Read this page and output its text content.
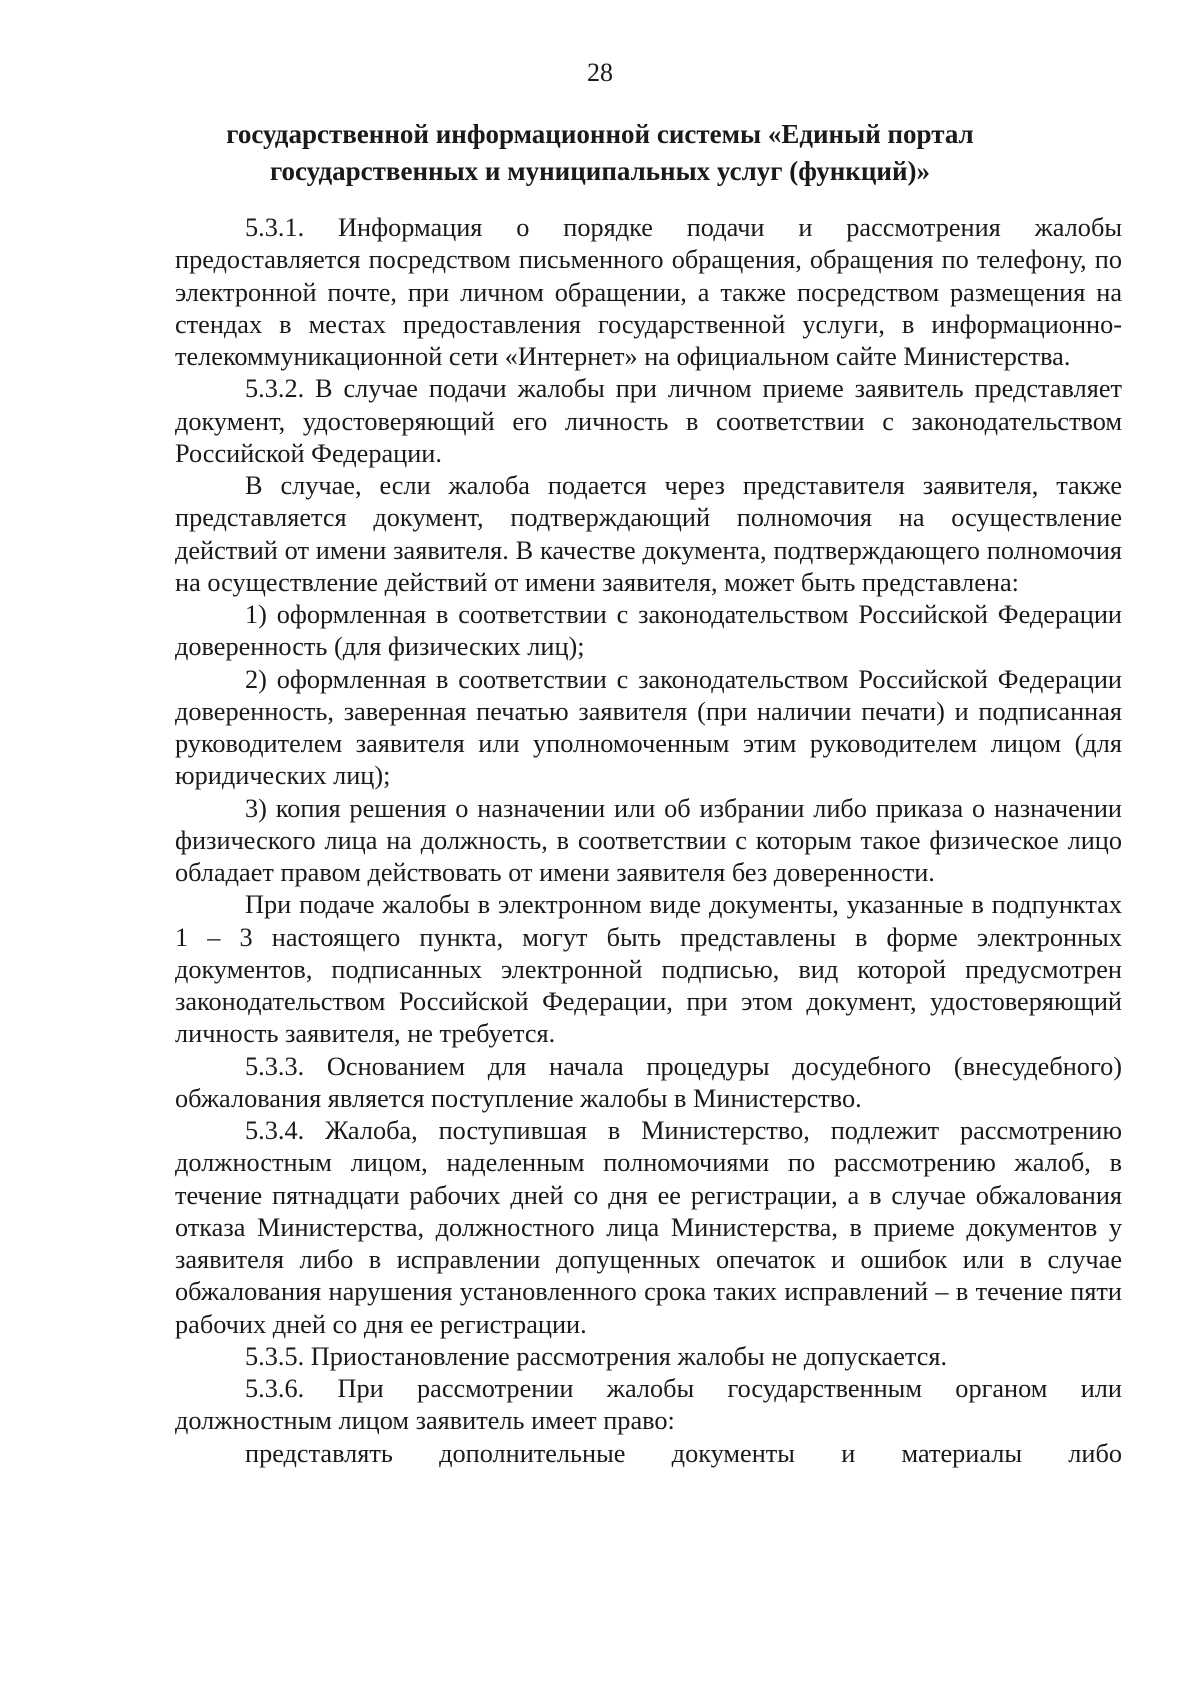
28
государственной информационной системы «Единый портал
государственных и муниципальных услуг (функций)»

5.3.1. Информация о порядке подачи и рассмотрения жалобы предоставляется посредством письменного обращения, обращения по телефону, по электронной почте, при личном обращении, а также посредством размещения на стендах в местах предоставления государственной услуги, в информационно-телекоммуникационной сети «Интернет» на официальном сайте Министерства.

5.3.2. В случае подачи жалобы при личном приеме заявитель представляет документ, удостоверяющий его личность в соответствии с законодательством Российской Федерации.

В случае, если жалоба подается через представителя заявителя, также представляется документ, подтверждающий полномочия на осуществление действий от имени заявителя. В качестве документа, подтверждающего полномочия на осуществление действий от имени заявителя, может быть представлена:

1) оформленная в соответствии с законодательством Российской Федерации доверенность (для физических лиц);

2) оформленная в соответствии с законодательством Российской Федерации доверенность, заверенная печатью заявителя (при наличии печати) и подписанная руководителем заявителя или уполномоченным этим руководителем лицом (для юридических лиц);

3) копия решения о назначении или об избрании либо приказа о назначении физического лица на должность, в соответствии с которым такое физическое лицо обладает правом действовать от имени заявителя без доверенности.

При подаче жалобы в электронном виде документы, указанные в подпунктах 1 – 3 настоящего пункта, могут быть представлены в форме электронных документов, подписанных электронной подписью, вид которой предусмотрен законодательством Российской Федерации, при этом документ, удостоверяющий личность заявителя, не требуется.

5.3.3. Основанием для начала процедуры досудебного (внесудебного) обжалования является поступление жалобы в Министерство.

5.3.4. Жалоба, поступившая в Министерство, подлежит рассмотрению должностным лицом, наделенным полномочиями по рассмотрению жалоб, в течение пятнадцати рабочих дней со дня ее регистрации, а в случае обжалования отказа Министерства, должностного лица Министерства, в приеме документов у заявителя либо в исправлении допущенных опечаток и ошибок или в случае обжалования нарушения установленного срока таких исправлений – в течение пяти рабочих дней со дня ее регистрации.

5.3.5. Приостановление рассмотрения жалобы не допускается.

5.3.6. При рассмотрении жалобы государственным органом или должностным лицом заявитель имеет право:

представлять дополнительные документы и материалы либо
